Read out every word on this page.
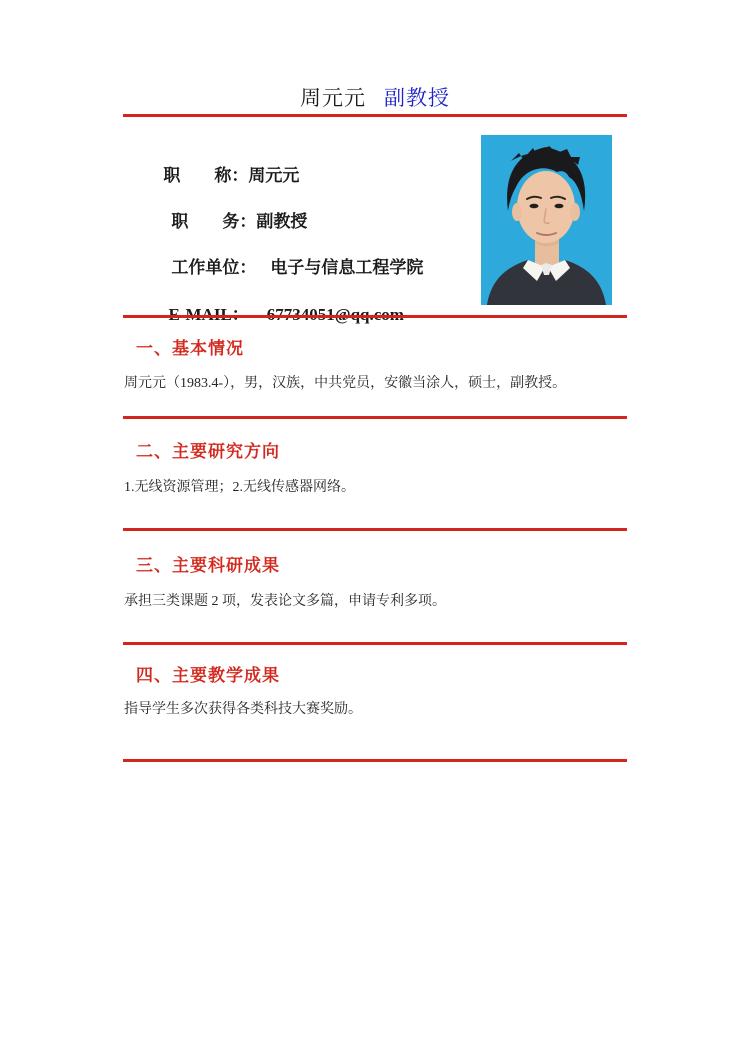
周元元 副教授

职　　称：周元元

职　　务：副教授

工作单位： 电子与信息工程学院

一、基本情况
周元元（1983.4-），男，汉族，中共党员，安徽当涂人，硕士，副教授。
二、主要研究方向
1.无线资源管理；2.无线传感器网络。
三、主要科研成果
承担三类课题 2 项，发表论文多篇，申请专利多项。
四、主要教学成果
指导学生多次获得各类科技大赛奖励。
